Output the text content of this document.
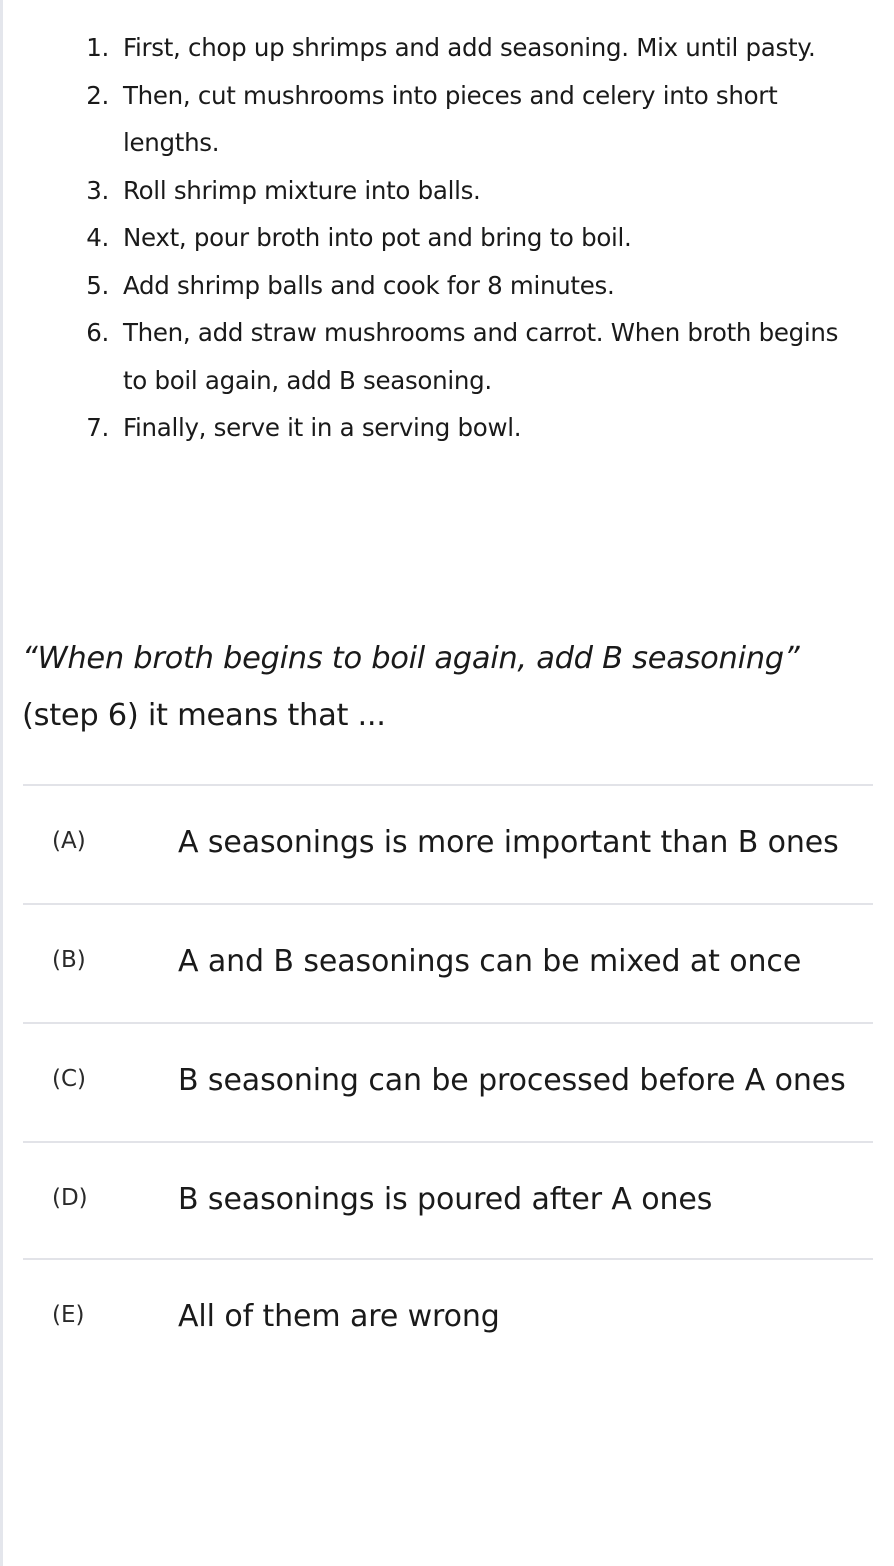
1. First, chop up shrimps and add seasoning. Mix until pasty.
2. Then, cut mushrooms into pieces and celery into short lengths.
3. Roll shrimp mixture into balls.
4. Next, pour broth into pot and bring to boil.
5. Add shrimp balls and cook for 8 minutes.
6. Then, add straw mushrooms and carrot. When broth begins to boil again, add B seasoning.
7. Finally, serve it in a serving bowl.
“When broth begins to boil again, add B seasoning” (step 6) it means that ...
(A)	A seasonings is more important than B ones
(B)	A and B seasonings can be mixed at once
(C)	B seasoning can be processed before A ones
(D)	B seasonings is poured after A ones
(E)	All of them are wrong
